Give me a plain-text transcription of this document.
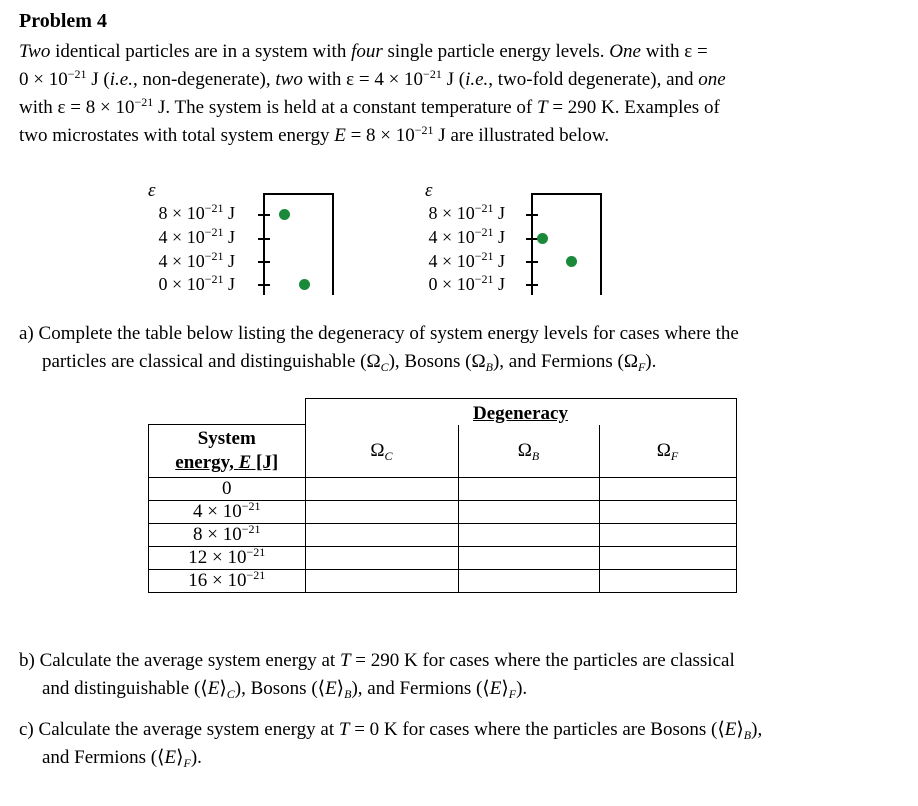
Problem 4
Two identical particles are in a system with four single particle energy levels. One with ε =
$0 \times 10^{-21}$ J (i.e., non-degenerate), two with $\varepsilon = 4 \times 10^{-21}$ J (i.e., two-fold degenerate), and one
with $\varepsilon = 8 \times 10^{-21}$ J. The system is held at a constant temperature of T = 290 K. Examples of
two microstates with total system energy $E = 8 \times 10^{-21}$ J are illustrated below.
ε
$8 \times 10^{-21}$ J
$4 \times 10^{-21}$ J
$4 \times 10^{-21}$ J
$0 \times 10^{-21}$ J
ε
$8 \times 10^{-21}$ J
$4 \times 10^{-21}$ J
$4 \times 10^{-21}$ J
$0 \times 10^{-21}$ J
a) Complete the table below listing the degeneracy of system energy levels for cases where the
particles are classical and distinguishable $(\Omega_C)$, Bosons $(\Omega_B)$, and Fermions $(\Omega_F)$.
	Degeneracy		

System
energy, E [J]	$\Omega_C$	$\Omega_B$	$\Omega_F$
0			
$4 \times 10^{-21}$			
$8 \times 10^{-21}$			
$12 \times 10^{-21}$			
$16 \times 10^{-21}$			
b) Calculate the average system energy at T = 290 K for cases where the particles are classical
and distinguishable $(⟨E⟩_C)$, Bosons $(⟨E⟩_B)$, and Fermions $(⟨E⟩_F)$.
c) Calculate the average system energy at T = 0 K for cases where the particles are Bosons $(⟨E⟩_B)$,
and Fermions $(⟨E⟩_F)$.
